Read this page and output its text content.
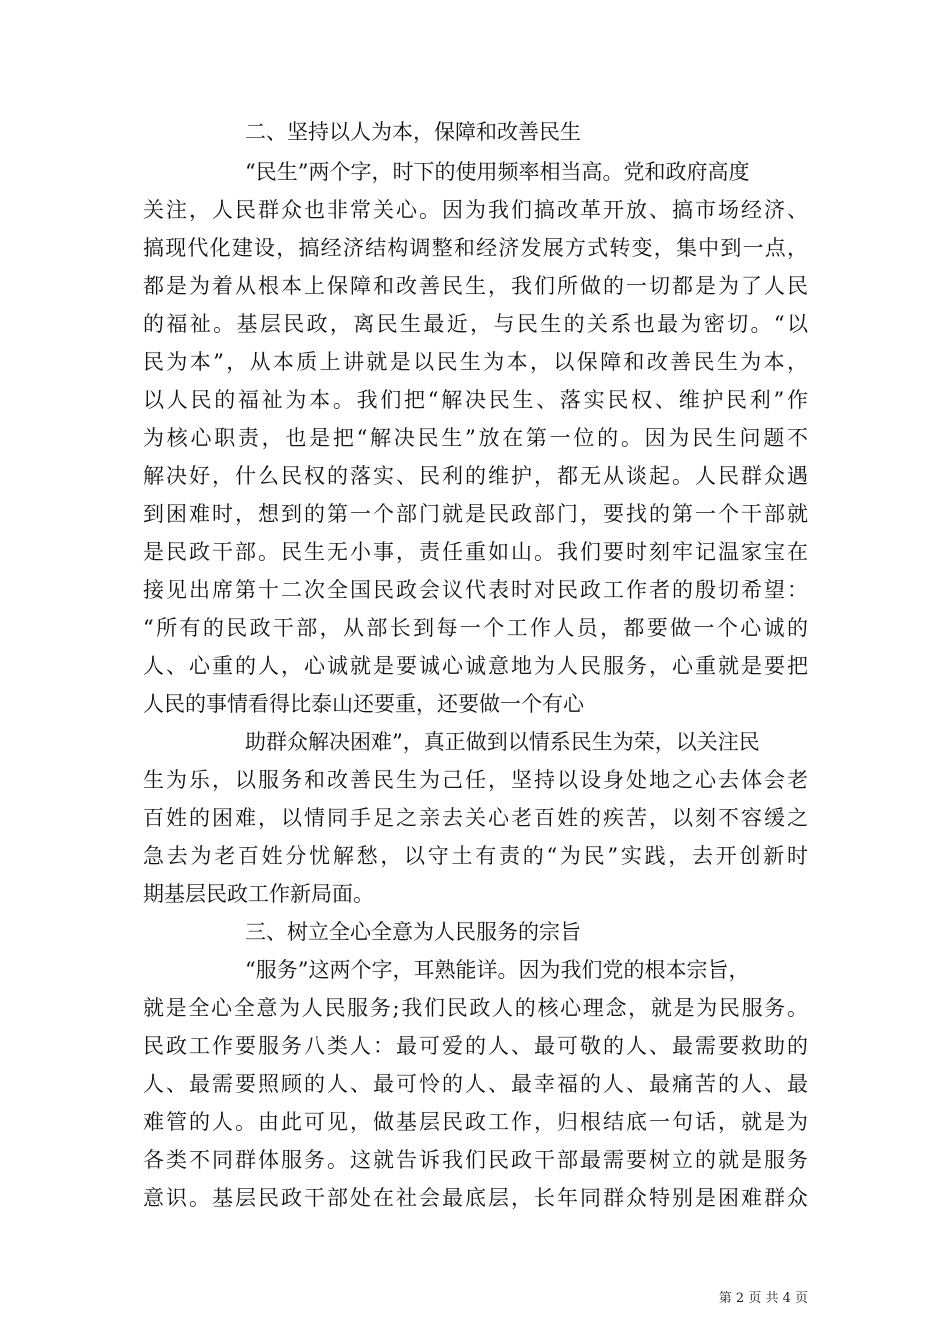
二、坚持以人为本，保障和改善民生
“民生”两个字，时下的使用频率相当高。党和政府高度
关注，人民群众也非常关心。因为我们搞改革开放、搞市场经济、
搞现代化建设，搞经济结构调整和经济发展方式转变，集中到一点，
都是为着从根本上保障和改善民生，我们所做的一切都是为了人民
的福祉。基层民政，离民生最近，与民生的关系也最为密切。“以
民为本”，从本质上讲就是以民生为本，以保障和改善民生为本，
以人民的福祉为本。我们把“解决民生、落实民权、维护民利”作
为核心职责，也是把“解决民生”放在第一位的。因为民生问题不
解决好，什么民权的落实、民利的维护，都无从谈起。人民群众遇
到困难时，想到的第一个部门就是民政部门，要找的第一个干部就
是民政干部。民生无小事，责任重如山。我们要时刻牢记温家宝在
接见出席第十二次全国民政会议代表时对民政工作者的殷切希望：
“所有的民政干部，从部长到每一个工作人员，都要做一个心诚的
人、心重的人，心诚就是要诚心诚意地为人民服务，心重就是要把
人民的事情看得比泰山还要重，还要做一个有心
助群众解决困难”，真正做到以情系民生为荣，以关注民
生为乐，以服务和改善民生为己任，坚持以设身处地之心去体会老
百姓的困难，以情同手足之亲去关心老百姓的疾苦，以刻不容缓之
急去为老百姓分忧解愁，以守土有责的“为民”实践，去开创新时
期基层民政工作新局面。
三、树立全心全意为人民服务的宗旨
“服务”这两个字，耳熟能详。因为我们党的根本宗旨，
就是全心全意为人民服务;我们民政人的核心理念，就是为民服务。
民政工作要服务八类人：最可爱的人、最可敬的人、最需要救助的
人、最需要照顾的人、最可怜的人、最幸福的人、最痛苦的人、最
难管的人。由此可见，做基层民政工作，归根结底一句话，就是为
各类不同群体服务。这就告诉我们民政干部最需要树立的就是服务
意识。基层民政干部处在社会最底层，长年同群众特别是困难群众
第 2 页 共 4 页
